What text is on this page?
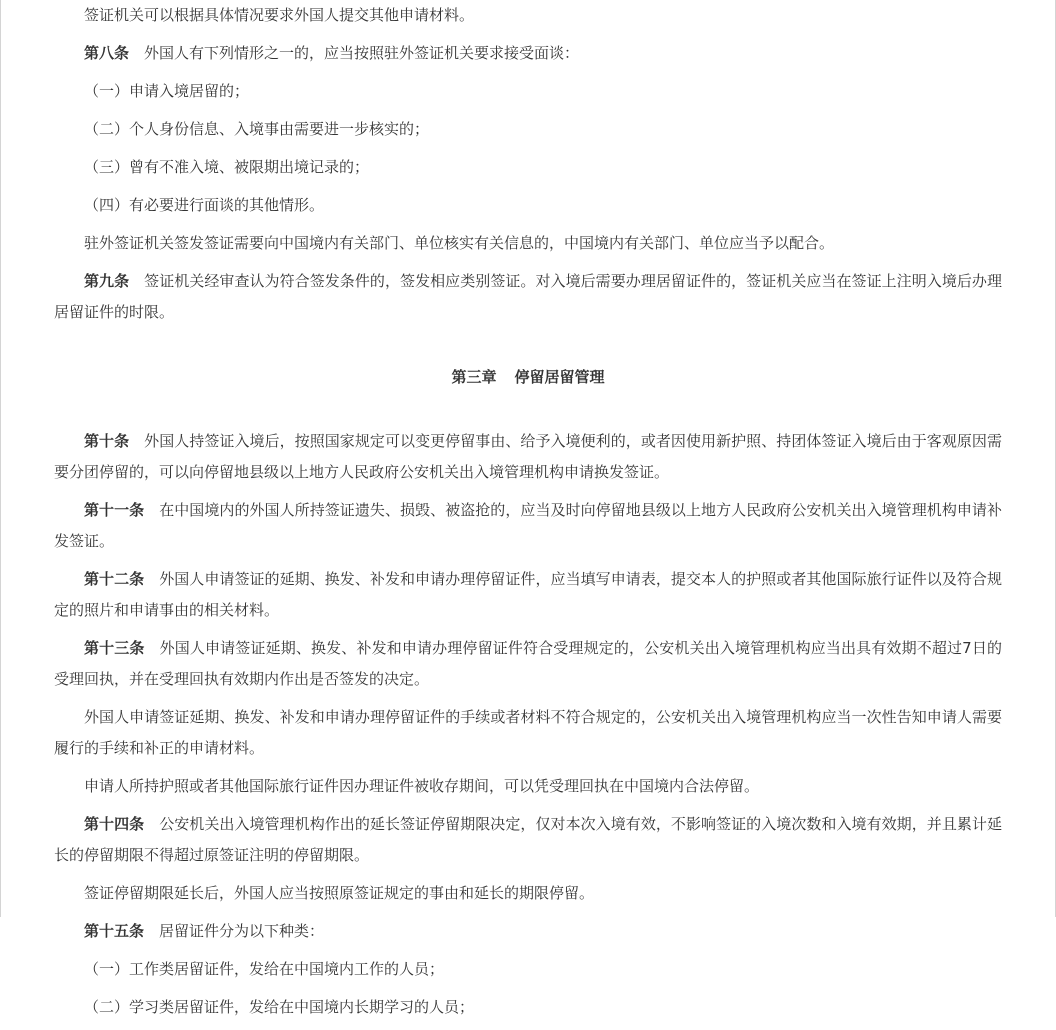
签证机关可以根据具体情况要求外国人提交其他申请材料。

第八条 外国人有下列情形之一的，应当按照驻外签证机关要求接受面谈：

（一）申请入境居留的；

（二）个人身份信息、入境事由需要进一步核实的；

（三）曾有不准入境、被限期出境记录的；

（四）有必要进行面谈的其他情形。

驻外签证机关签发签证需要向中国境内有关部门、单位核实有关信息的，中国境内有关部门、单位应当予以配合。

第九条 签证机关经审查认为符合签发条件的，签发相应类别签证。对入境后需要办理居留证件的，签证机关应当在签证上注明入境后办理居留证件的时限。

第三章 停留居留管理

第十条 外国人持签证入境后，按照国家规定可以变更停留事由、给予入境便利的，或者因使用新护照、持团体签证入境后由于客观原因需要分团停留的，可以向停留地县级以上地方人民政府公安机关出入境管理机构申请换发签证。

第十一条 在中国境内的外国人所持签证遗失、损毁、被盗抢的，应当及时向停留地县级以上地方人民政府公安机关出入境管理机构申请补发签证。

第十二条 外国人申请签证的延期、换发、补发和申请办理停留证件，应当填写申请表，提交本人的护照或者其他国际旅行证件以及符合规定的照片和申请事由的相关材料。

第十三条 外国人申请签证延期、换发、补发和申请办理停留证件符合受理规定的，公安机关出入境管理机构应当出具有效期不超过7日的受理回执，并在受理回执有效期内作出是否签发的决定。

外国人申请签证延期、换发、补发和申请办理停留证件的手续或者材料不符合规定的，公安机关出入境管理机构应当一次性告知申请人需要履行的手续和补正的申请材料。

申请人所持护照或者其他国际旅行证件因办理证件被收存期间，可以凭受理回执在中国境内合法停留。

第十四条 公安机关出入境管理机构作出的延长签证停留期限决定，仅对本次入境有效，不影响签证的入境次数和入境有效期，并且累计延长的停留期限不得超过原签证注明的停留期限。

签证停留期限延长后，外国人应当按照原签证规定的事由和延长的期限停留。

第十五条 居留证件分为以下种类：

（一）工作类居留证件，发给在中国境内工作的人员；

（二）学习类居留证件，发给在中国境内长期学习的人员；
